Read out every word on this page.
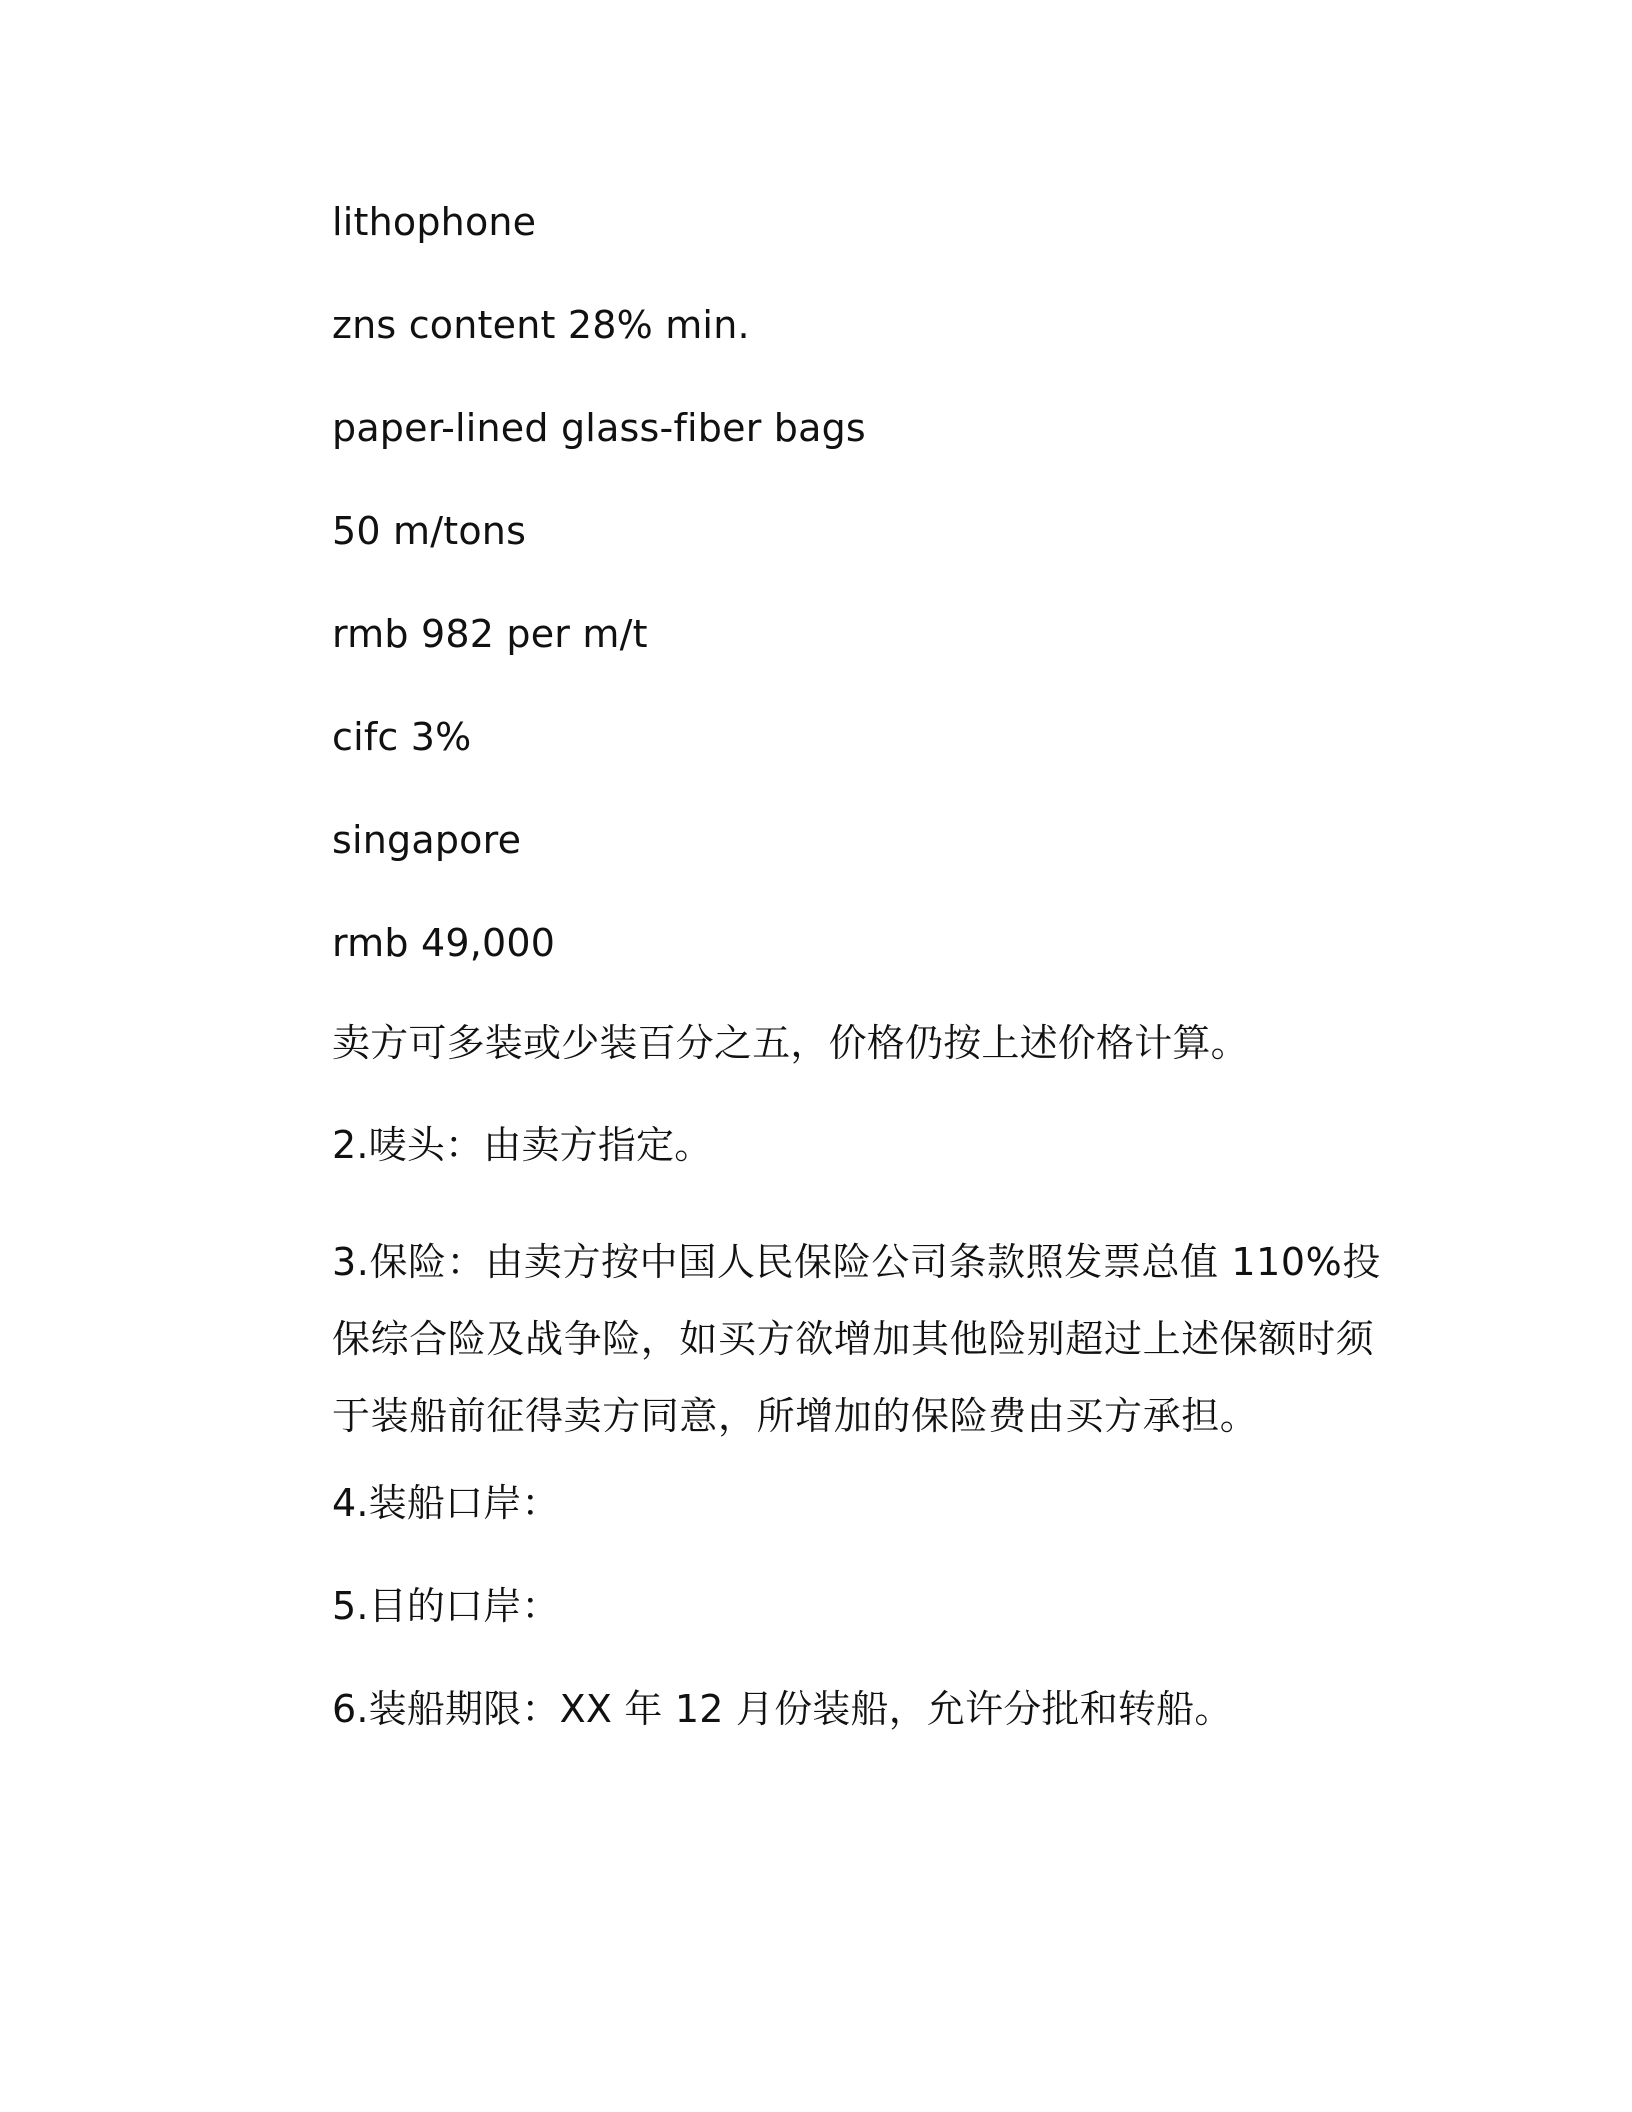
lithophone
zns content 28% min.
paper-lined glass-fiber bags
50 m/tons
rmb 982 per m/t
cifc 3%
singapore
rmb 49,000
卖方可多装或少装百分之五，价格仍按上述价格计算。
2.唛头：由卖方指定。
3.保险：由卖方按中国人民保险公司条款照发票总值 110%投保综合险及战争险，如买方欲增加其他险别超过上述保额时须于装船前征得卖方同意，所增加的保险费由买方承担。
4.装船口岸：
5.目的口岸：
6.装船期限：XX 年 12 月份装船，允许分批和转船。
